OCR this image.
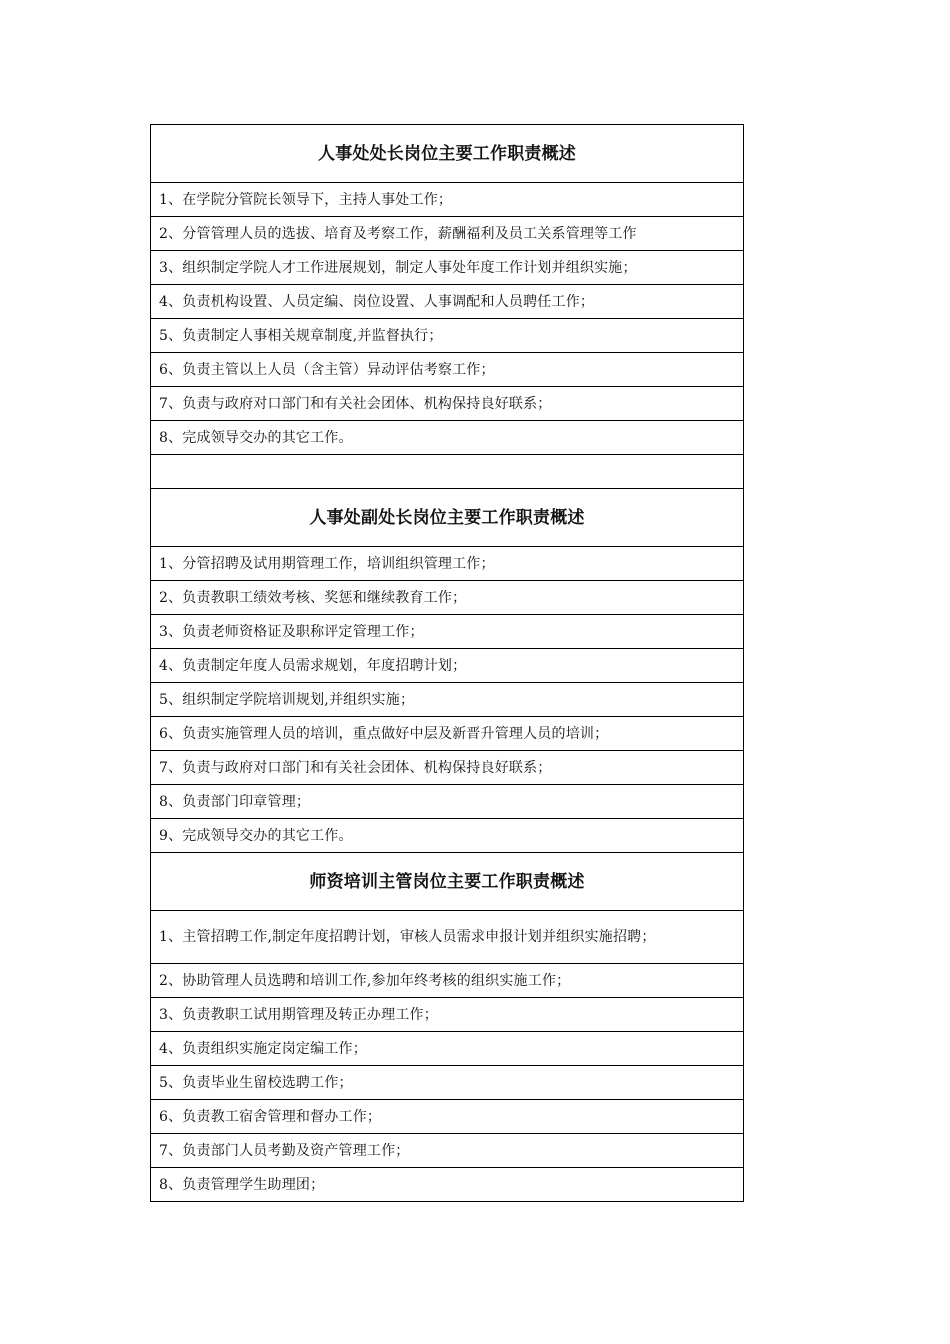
人事处处长岗位主要工作职责概述
1、在学院分管院长领导下，主持人事处工作；
2、分管管理人员的选拔、培育及考察工作，薪酬福利及员工关系管理等工作
3、组织制定学院人才工作进展规划，制定人事处年度工作计划并组织实施；
4、负责机构设置、人员定编、岗位设置、人事调配和人员聘任工作；
5、负责制定人事相关规章制度,并监督执行；
6、负责主管以上人员（含主管）异动评估考察工作；
7、负责与政府对口部门和有关社会团体、机构保持良好联系；
8、完成领导交办的其它工作。

人事处副处长岗位主要工作职责概述
1、分管招聘及试用期管理工作，培训组织管理工作；
2、负责教职工绩效考核、奖惩和继续教育工作；
3、负责老师资格证及职称评定管理工作；
4、负责制定年度人员需求规划，年度招聘计划；
5、组织制定学院培训规划,并组织实施；
6、负责实施管理人员的培训，重点做好中层及新晋升管理人员的培训；
7、负责与政府对口部门和有关社会团体、机构保持良好联系；
8、负责部门印章管理；
9、完成领导交办的其它工作。
师资培训主管岗位主要工作职责概述
1、主管招聘工作,制定年度招聘计划，审核人员需求申报计划并组织实施招聘；
2、协助管理人员选聘和培训工作,参加年终考核的组织实施工作；
3、负责教职工试用期管理及转正办理工作；
4、负责组织实施定岗定编工作；
5、负责毕业生留校选聘工作；
6、负责教工宿舍管理和督办工作；
7、负责部门人员考勤及资产管理工作；
8、负责管理学生助理团；
